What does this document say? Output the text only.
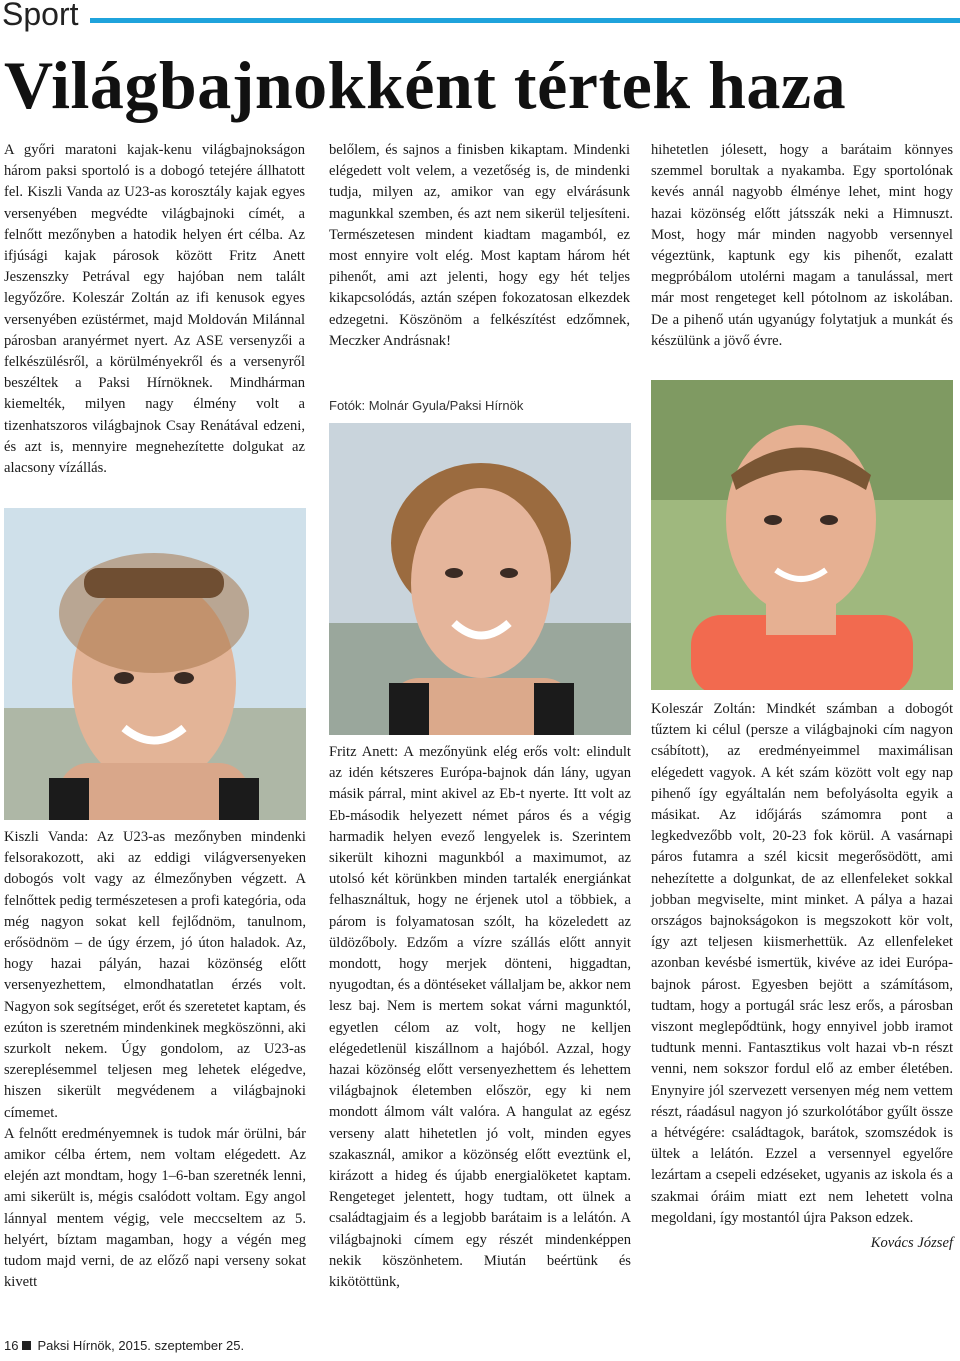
Sport
Világbajnokként tértek haza

A győri maratoni kajak-kenu világbajnokságon három paksi sportoló is a dobogó tetejére állhatott fel. Kiszli Vanda az U23-as korosztály kajak egyes versenyében megvédte világbajnoki címét, a felnőtt mezőnyben a hatodik helyen ért célba. Az ifjúsági kajak párosok között Fritz Anett Jeszenszky Petrával egy hajóban nem talált legyőzőre. Koleszár Zoltán az ifi kenusok egyes versenyében ezüstérmet, majd Moldován Milánnal párosban aranyérmet nyert. Az ASE versenyzői a felkészülésről, a körülményekről és a versenyről beszéltek a Paksi Hírnöknek. Mindhárman kiemelték, milyen nagy élmény volt a tizenhatszoros világbajnok Csay Renátával edzeni, és azt is, mennyire megnehezítette dolgukat az alacsony vízállás.

belőlem, és sajnos a finisben kikaptam. Mindenki elégedett volt velem, a vezetőség is, de mindenki tudja, milyen az, amikor van egy elvárásunk magunkkal szemben, és azt nem sikerül teljesíteni. Természetesen mindent kiadtam magamból, ez most ennyire volt elég. Most kaptam három hét pihenőt, ami azt jelenti, hogy egy hét teljes kikapcsolódás, aztán szépen fokozatosan elkezdek edzegetni. Köszönöm a felkészítést edzőmnek, Meczker Andrásnak!

Fotók: Molnár Gyula/Paksi Hírnök

hihetetlen jólesett, hogy a barátaim könnyes szemmel borultak a nyakamba. Egy sportolónak kevés annál nagyobb élménye lehet, mint hogy hazai közönség előtt játsszák neki a Himnuszt. Most, hogy már minden nagyobb versennyel végeztünk, kaptunk egy kis pihenőt, ezalatt megpróbálom utolérni magam a tanulással, mert már most rengeteget kell pótolnom az iskolában. De a pihenő után ugyanúgy folytatjuk a munkát és készülünk a jövő évre.

Kiszli Vanda: Az U23-as mezőnyben mindenki felsorakozott, aki az eddigi világversenyeken dobogós volt vagy az élmezőnyben végzett. A felnőttek pedig természetesen a profi kategória, oda még nagyon sokat kell fejlődnöm, tanulnom, erősödnöm – de úgy érzem, jó úton haladok. Az, hogy hazai pályán, hazai közönség előtt versenyezhettem, elmondhatatlan érzés volt. Nagyon sok segítséget, erőt és szeretetet kaptam, és ezúton is szeretném mindenkinek megköszönni, aki szurkolt nekem. Úgy gondolom, az U23-as szereplésemmel teljesen meg lehetek elégedve, hiszen sikerült megvédenem a világbajnoki címemet.

A felnőtt eredményemnek is tudok már örülni, bár amikor célba értem, nem voltam elégedett. Az elején azt mondtam, hogy 1–6-ban szeretnék lenni, ami sikerült is, mégis csalódott voltam. Egy angol lánnyal mentem végig, vele meccseltem az 5. helyért, bíztam magamban, hogy a végén meg tudom majd verni, de az előző napi verseny sokat kivett

Fritz Anett: A mezőnyünk elég erős volt: elindult az idén kétszeres Európa-bajnok dán lány, ugyan másik párral, mint akivel az Eb-t nyerte. Itt volt az Eb-második helyezett német páros és a végig harmadik helyen evező lengyelek is. Szerintem sikerült kihozni magunkból a maximumot, az utolsó két körünkben minden tartalék energiánkat felhasználtuk, hogy ne érjenek utol a többiek, a párom is folyamatosan szólt, ha közeledett az üldözőboly. Edzőm a vízre szállás előtt annyit mondott, hogy merjek dönteni, higgadtan, nyugodtan, és a döntéseket vállaljam be, akkor nem lesz baj. Nem is mertem sokat várni magunktól, egyetlen célom az volt, hogy ne kelljen elégedetlenül kiszállnom a hajóból. Azzal, hogy hazai közönség előtt versenyezhettem és lehettem világbajnok életemben először, egy ki nem mondott álmom vált valóra. A hangulat az egész verseny alatt hihetetlen jó volt, minden egyes szakasznál, amikor a közönség előtt eveztünk el, kirázott a hideg és újabb energialöketet kaptam. Rengeteget jelentett, hogy tudtam, ott ülnek a családtagjaim és a legjobb barátaim is a lelátón. A világbajnoki címem egy részét mindenképpen nekik köszönhetem. Miután beértünk és kikötöttünk,

Koleszár Zoltán: Mindkét számban a dobogót tűztem ki célul (persze a világbajnoki cím nagyon csábított), az eredményeimmel maximálisan elégedett vagyok. A két szám között volt egy nap pihenő így egyáltalán nem befolyásolta egyik a másikat. Az időjárás számomra pont a legkedvezőbb volt, 20-23 fok körül. A vasárnapi páros futamra a szél kicsit megerősödött, ami nehezítette a dolgunkat, de az ellenfeleket sokkal jobban megviselte, mint minket. A pálya a hazai országos bajnokságokon is megszokott kör volt, így azt teljesen kiismerhettük. Az ellenfeleket azonban kevésbé ismertük, kivéve az idei Európa-bajnok párost. Egyesben bejött a számításom, tudtam, hogy a portugál srác lesz erős, a párosban viszont meglepődtünk, hogy ennyivel jobb iramot tudtunk menni. Fantasztikus volt hazai vb-n részt venni, nem sokszor fordul elő az ember életében. Enynyire jól szervezett versenyen még nem vettem részt, ráadásul nagyon jó szurkolótábor gyűlt össze a hétvégére: családtagok, barátok, szomszédok is ültek a lelátón. Ezzel a versennyel egyelőre lezártam a csepeli edzéseket, ugyanis az iskola és a szakmai óráim miatt ezt nem lehetett volna megoldani, így mostantól újra Pakson edzek.

Kovács József
16 Paksi Hírnök, 2015. szeptember 25.
